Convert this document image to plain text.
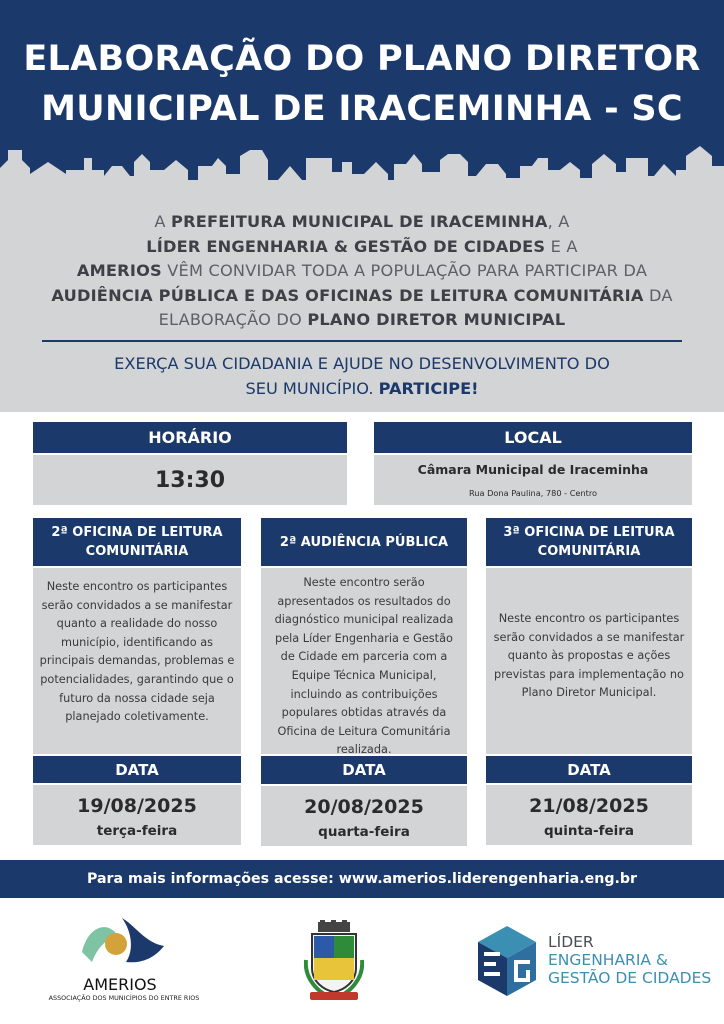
ELABORAÇÃO DO PLANO DIRETOR
MUNICIPAL DE IRACEMINHA - SC
A PREFEITURA MUNICIPAL DE IRACEMINHA, A
LÍDER ENGENHARIA & GESTÃO DE CIDADES E A
AMERIOS VÊM CONVIDAR TODA A POPULAÇÃO PARA PARTICIPAR DA
AUDIÊNCIA PÚBLICA E DAS OFICINAS DE LEITURA COMUNITÁRIA DA
ELABORAÇÃO DO PLANO DIRETOR MUNICIPAL
EXERÇA SUA CIDADANIA E AJUDE NO DESENVOLVIMENTO DO
SEU MUNICÍPIO. PARTICIPE!
HORÁRIO
13:30
LOCAL
Câmara Municipal de Iraceminha
Rua Dona Paulina, 780 - Centro
2ª OFICINA DE LEITURA COMUNITÁRIA
Neste encontro os participantes serão convidados a se manifestar quanto a realidade do nosso município, identificando as principais demandas, problemas e potencialidades, garantindo que o futuro da nossa cidade seja planejado coletivamente.
DATA
19/08/2025
terça-feira
2ª AUDIÊNCIA PÚBLICA
Neste encontro serão apresentados os resultados do diagnóstico municipal realizada pela Líder Engenharia e Gestão de Cidade em parceria com a Equipe Técnica Municipal, incluindo as contribuições populares obtidas através da Oficina de Leitura Comunitária realizada.
DATA
20/08/2025
quarta-feira
3ª OFICINA DE LEITURA COMUNITÁRIA
Neste encontro os participantes serão convidados a se manifestar quanto às propostas e ações previstas para implementação no Plano Diretor Municipal.
DATA
21/08/2025
quinta-feira
Para mais informações acesse: www.amerios.liderengenharia.eng.br
AMERIOS
ASSOCIAÇÃO DOS MUNICÍPIOS DO ENTRE RIOS
LÍDER
ENGENHARIA &
GESTÃO DE CIDADES
